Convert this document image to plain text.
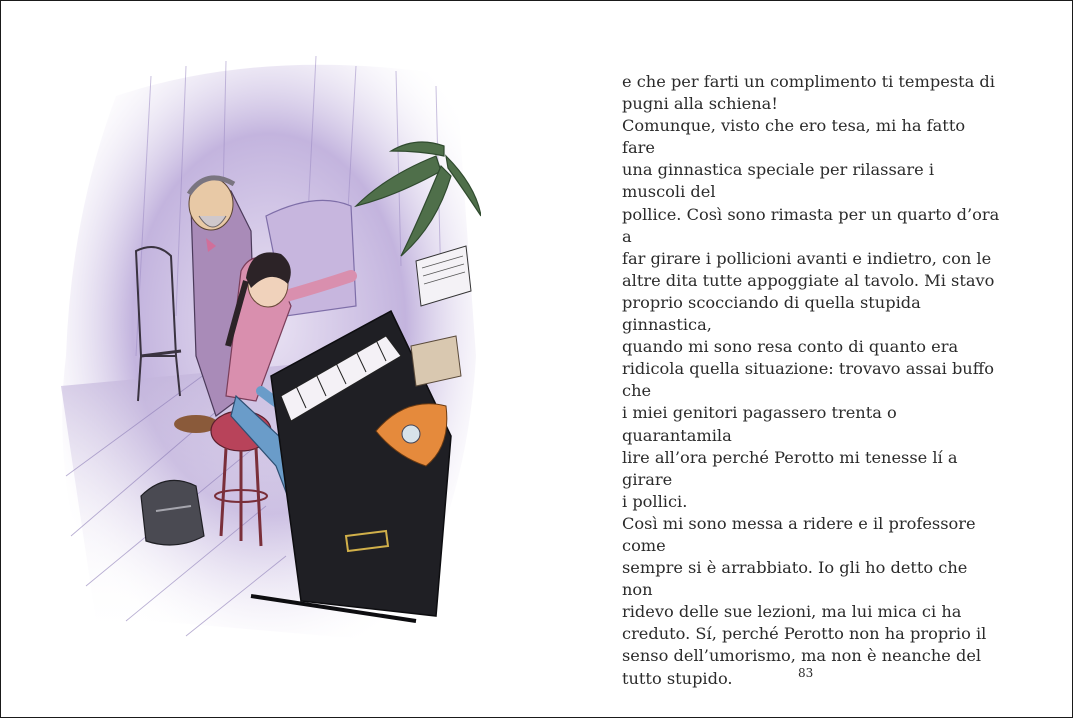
e che per farti un complimento ti tempesta di
pugni alla schiena!

Comunque, visto che ero tesa, mi ha fatto fare
una ginnastica speciale per rilassare i muscoli del
pollice. Così sono rimasta per un quarto d’ora a
far girare i pollicioni avanti e indietro, con le
altre dita tutte appoggiate al tavolo. Mi stavo
proprio scocciando di quella stupida ginnastica,
quando mi sono resa conto di quanto era
ridicola quella situazione: trovavo assai buffo che
i miei genitori pagassero trenta o quarantamila
lire all’ora perché Perotto mi tenesse lí a girare
i pollici.

Così mi sono messa a ridere e il professore come
sempre si è arrabbiato. Io gli ho detto che non
ridevo delle sue lezioni, ma lui mica ci ha
creduto. Sí, perché Perotto non ha proprio il
senso dell’umorismo, ma non è neanche del
tutto stupido.	83
